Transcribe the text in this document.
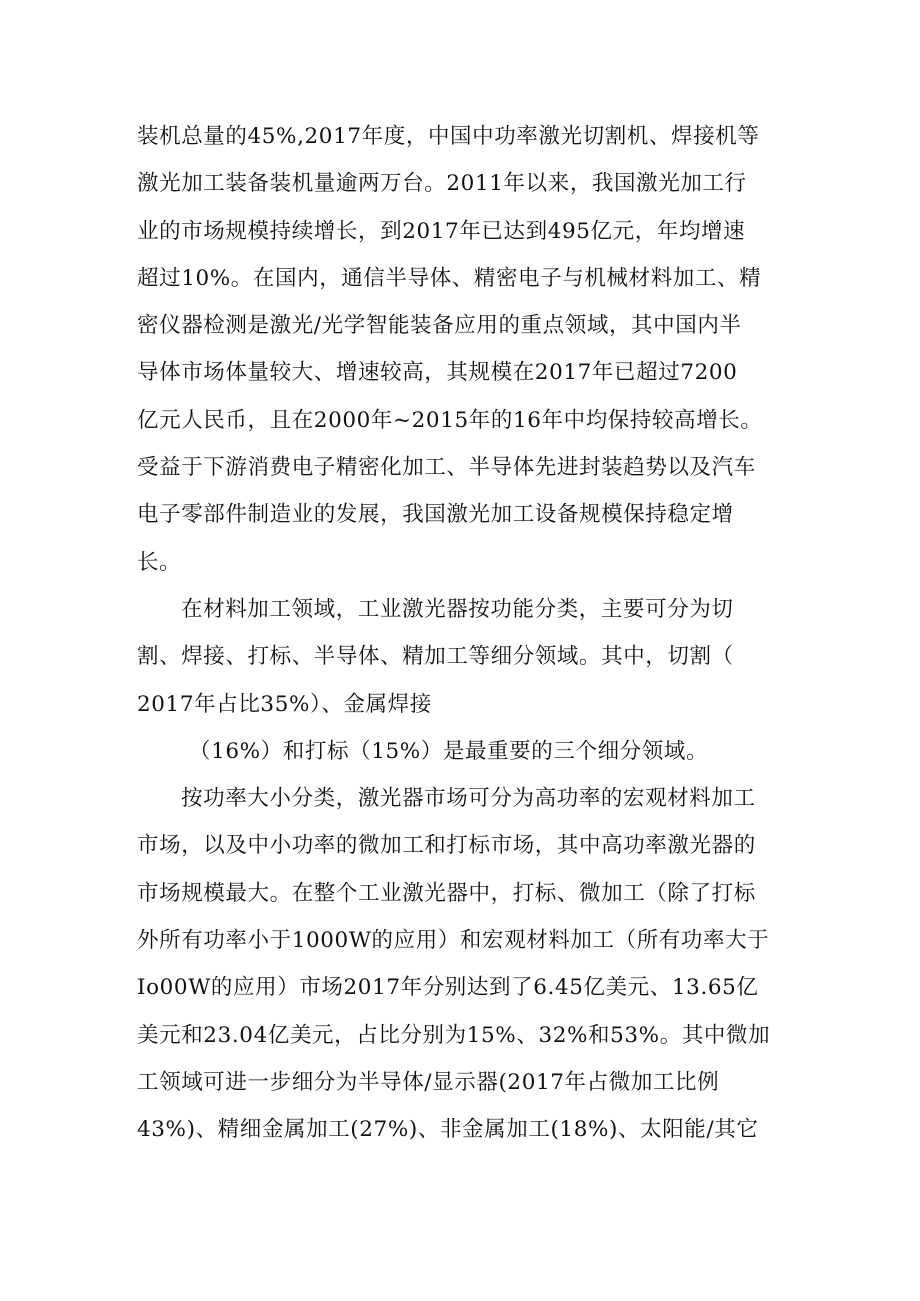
装机总量的45%,2017年度，中国中功率激光切割机、焊接机等
激光加工装备装机量逾两万台。2011年以来，我国激光加工行
业的市场规模持续增长，到2017年已达到495亿元，年均增速
超过10%。在国内，通信半导体、精密电子与机械材料加工、精
密仪器检测是激光/光学智能装备应用的重点领域，其中国内半
导体市场体量较大、增速较高，其规模在2017年已超过7200
亿元人民币，且在2000年~2015年的16年中均保持较高增长。
受益于下游消费电子精密化加工、半导体先进封装趋势以及汽车
电子零部件制造业的发展，我国激光加工设备规模保持稳定增
长。
在材料加工领域，工业激光器按功能分类，主要可分为切
割、焊接、打标、半导体、精加工等细分领域。其中，切割（
2017年占比35%）、金属焊接
（16%）和打标（15%）是最重要的三个细分领域。
按功率大小分类，激光器市场可分为高功率的宏观材料加工
市场，以及中小功率的微加工和打标市场，其中高功率激光器的
市场规模最大。在整个工业激光器中，打标、微加工（除了打标
外所有功率小于1000W的应用）和宏观材料加工（所有功率大于
Io00W的应用）市场2017年分别达到了6.45亿美元、13.65亿
美元和23.04亿美元，占比分别为15%、32%和53%。其中微加
工领域可进一步细分为半导体/显示器(2017年占微加工比例
43%)、精细金属加工(27%)、非金属加工(18%)、太阳能/其它
